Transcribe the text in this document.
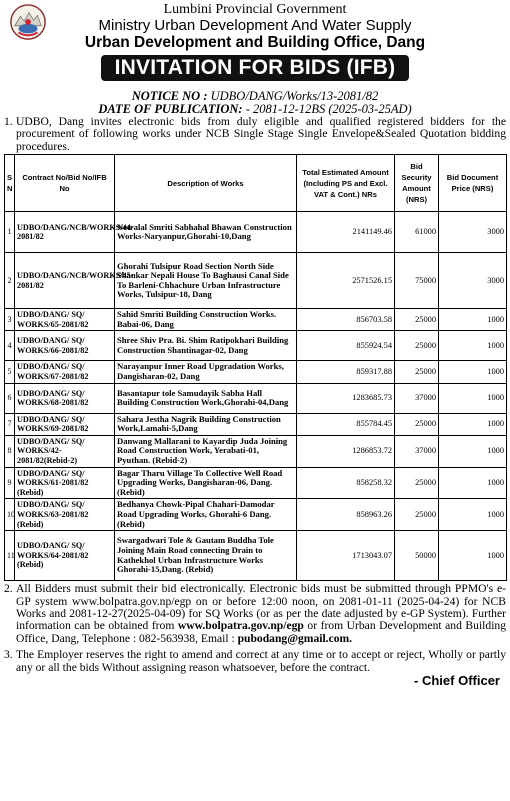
Lumbini Provincial Government
Ministry Urban Development And Water Supply
Urban Development and Building Office, Dang
INVITATION FOR BIDS (IFB)
NOTICE NO : UDBO/DANG/Works/13-2081/82
DATE OF PUBLICATION: - 2081-12-12BS (2025-03-25AD)
1. UDBO, Dang invites electronic bids from duly eligible and qualified registered bidders for the procurement of following works under NCB Single Stage Single Envelope&Sealed Quotation bidding procedures.
S N	Contract No/Bid No/IFB No	Description of Works	Total Estimated Amount (Including PS and Excl. VAT & Cont.) NRs	Bid Security Amount (NRS)	Bid Document Price (NRS)
1	UDBO/DANG/NCB/WORKS/44-2081/82	Netralal Smriti Sabhahal Bhawan Construction Works-Naryanpur,Ghorahi-10,Dang	2141149.46	61000	3000
2	UDBO/DANG/NCB/WORKS/45-2081/82	Ghorahi Tulsipur Road Section North Side Shankar Nepali House To Baghausi Canal Side To Barleni-Chhachure Urban Infrastructure Works, Tulsipur-18, Dang	2571526.15	75000	3000
3	UDBO/DANG/ SQ/ WORKS/65-2081/82	Sahid Smriti Building Construction Works. Babai-06, Dang	856703.58	25000	1000
4	UDBO/DANG/ SQ/ WORKS/66-2081/82	Shree Shiv Pra. Bi. Shim Ratipokhari Building Construction Shantinagar-02, Dang	855924.54	25000	1000
5	UDBO/DANG/ SQ/ WORKS/67-2081/82	Narayanpur Inner Road Upgradation Works, Dangisharan-02, Dang	859317.88	25000	1000
6	UDBO/DANG/ SQ/ WORKS/68-2081/82	Basantapur tole Samudayik Sabha Hall Building Construction Work,Ghorahi-04,Dang	1283685.73	37000	1000
7	UDBO/DANG/ SQ/ WORKS/69-2081/82	Sahara Jestha Nagrik Building Construction Work,Lamahi-5,Dang	855784.45	25000	1000
8	UDBO/DANG/ SQ/ WORKS/42-2081/82(Rebid-2)	Danwang Mallarani to Kayardip Juda Joining Road Construction Work, Yerabati-01, Pyuthan. (Rebid-2)	1286853.72	37000	1000
9	UDBO/DANG/ SQ/ WORKS/61-2081/82 (Rebid)	Bagar Tharu Village To Collective Well Road Upgrading Works, Dangisharan-06, Dang. (Rebid)	858258.32	25000	1000
10	UDBO/DANG/ SQ/ WORKS/63-2081/82 (Rebid)	Bedhanya Chowk-Pipal Chahari-Damodar Road Upgrading Works, Ghorahi-6 Dang. (Rebid)	858963.26	25000	1000
11	UDBO/DANG/ SQ/ WORKS/64-2081/82 (Rebid)	Swargadwari Tole & Gautam Buddha Tole Joining Main Road connecting Drain to Kathekhol Urban Infrastructure Works Ghorahi-15,Dang. (Rebid)	1713043.07	50000	1000
2. All Bidders must submit their bid electronically. Electronic bids must be submitted through PPMO's e-GP system www.bolpatra.gov.np/egp on or before 12:00 noon, on 2081-01-11 (2025-04-24) for NCB Works and 2081-12-27(2025-04-09) for SQ Works (or as per the date adjusted by e-GP System). Further information can be obtained from www.bolpatra.gov.np/egp or from Urban Development and Building Office, Dang, Telephone : 082-563938, Email : pubodang@gmail.com.
3. The Employer reserves the right to amend and correct at any time or to accept or reject, Wholly or partly any or all the bids Without assigning reason whatsoever, before the contract.
- Chief Officer
